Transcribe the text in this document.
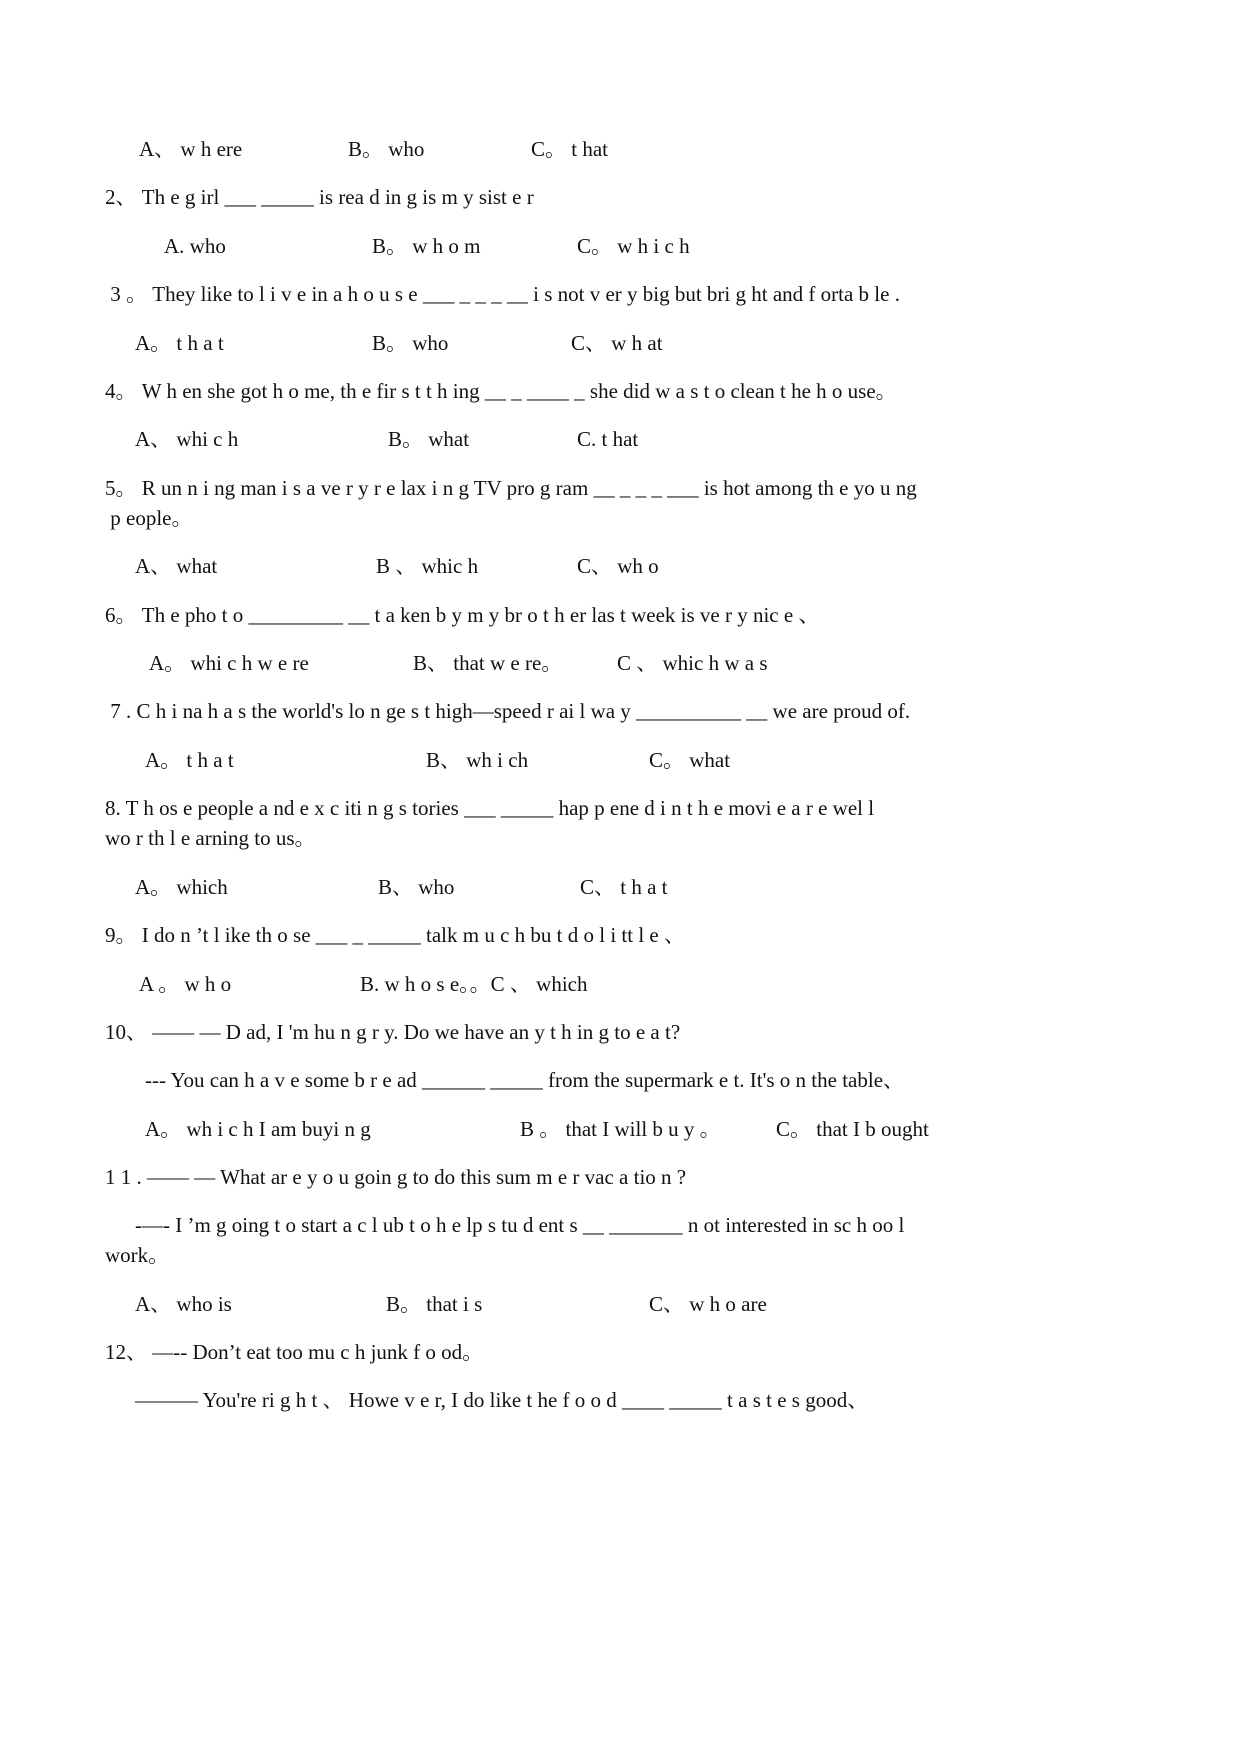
A、 w h ere	B。 who	C。 t hat
2、 Th e g irl ___ _____ is rea d in g is m y sist e r
A. who	B。 w h o m	C。 w h i c h
3 。 They like to l i v e in a h o u s e ___ _ _ _ __ i s not v er y big but bri g ht and f orta b le .
A。 t h a t	B。 who	C、 w h at
4。 W h en she got h o me, th e fir s t t h ing __ _ ____ _ she did w a s t o clean t he h o use。
A、 whi c h	B。 what	C. t hat
5。 R un n i ng man i s a ve r y r e lax i n g TV pro g ram __ _ _ _ ___ is hot among th e yo u ng
p eople。
A、 what	B 、 whic h	C、 wh o
6。 Th e pho t o _________ __ t a ken b y m y br o t h er las t week is ve r y nic e 、
A。 whi c h w e re	B、 that w e re。	C 、 whic h w a s
7 . C h i na h a s the world's lo n ge s t high—speed r ai l wa y __________ __ we are proud of.
A。 t h a t	B、 wh i ch	C。 what
8. T h os e people a nd e x c iti n g s tories ___ _____ hap p ene d i n t h e movi e a r e wel l
wo r th l e arning to us。
A。 which	B、 who	C、 t h a t
9。 I do n ’t l ike th o se ___ _ _____ talk m u c h bu t d o l i tt l e 、
A 。 w h o	B. w h o s e。。C 、 which
10、 —— — D ad, I 'm hu n g r y. Do we have an y t h in g to e a t?
--- You can h a v e some b r e ad ______ _____ from the supermark e t. It's o n the table、
A。 wh i c h I am buyi n g	B 。 that I will b u y 。	C。 that I b ought
1 1 . —— — What ar e y o u goin g to do this sum m e r vac a tio n ?
-—- I ’m g oing t o start a c l ub t o h e lp s tu d ent s __ _______ n ot interested in sc h oo l
work。
A、 who is	B。 that i s	C、 w h o are
12、 —-- Don’t eat too mu c h junk f o od。
——— You're ri g h t 、 Howe v e r, I do like t he f o o d ____ _____ t a s t e s good、
